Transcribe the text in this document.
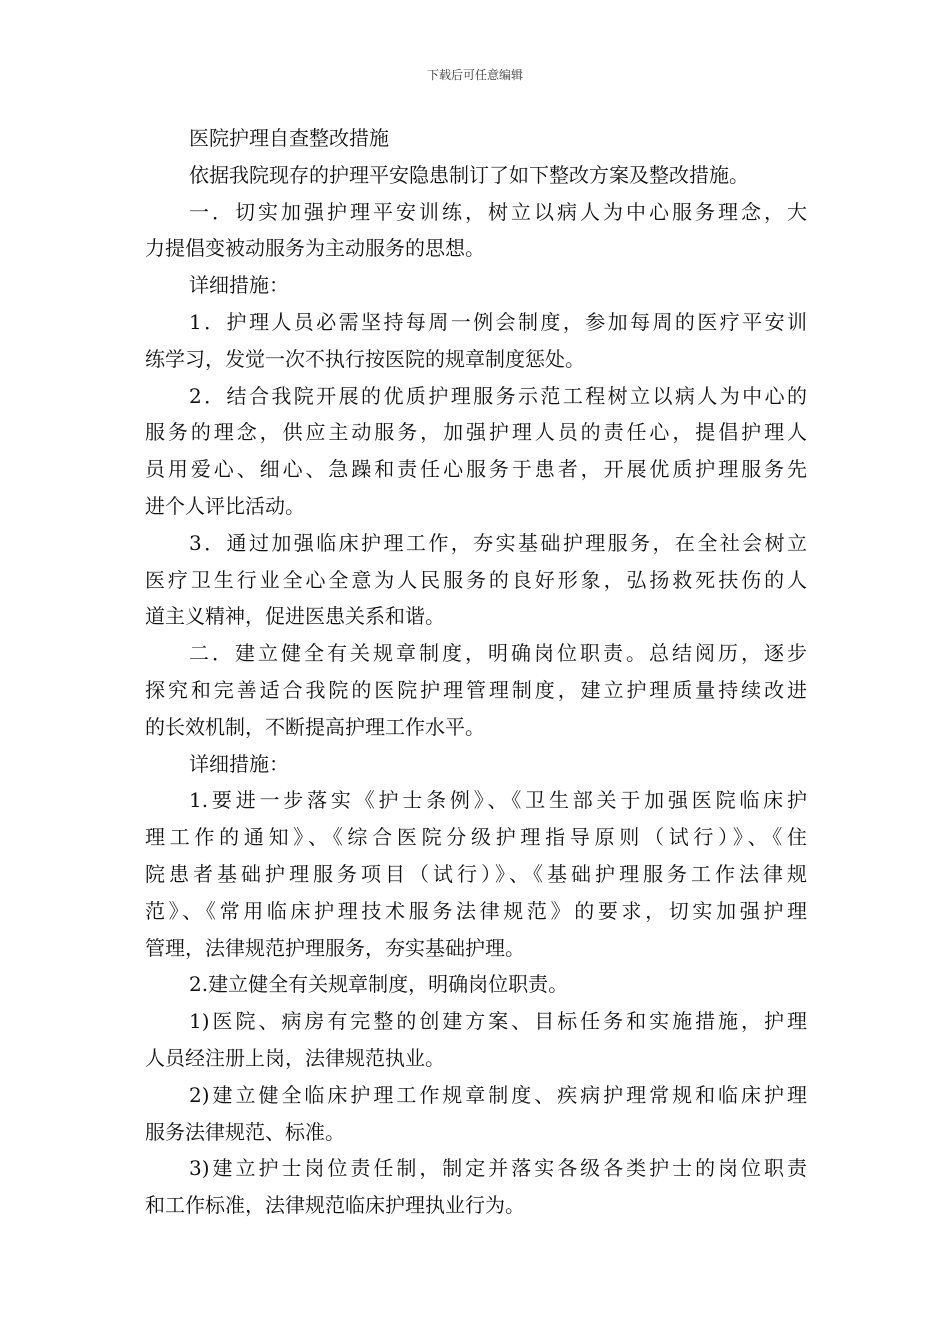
下载后可任意编辑
医院护理自查整改措施
依据我院现存的护理平安隐患制订了如下整改方案及整改措施。
一．切实加强护理平安训练，树立以病人为中心服务理念，大
力提倡变被动服务为主动服务的思想。
详细措施：
1．护理人员必需坚持每周一例会制度，参加每周的医疗平安训
练学习，发觉一次不执行按医院的规章制度惩处。
2．结合我院开展的优质护理服务示范工程树立以病人为中心的
服务的理念，供应主动服务，加强护理人员的责任心，提倡护理人
员用爱心、细心、急躁和责任心服务于患者，开展优质护理服务先
进个人评比活动。
3．通过加强临床护理工作，夯实基础护理服务，在全社会树立
医疗卫生行业全心全意为人民服务的良好形象，弘扬救死扶伤的人
道主义精神，促进医患关系和谐。
二．建立健全有关规章制度，明确岗位职责。总结阅历，逐步
探究和完善适合我院的医院护理管理制度，建立护理质量持续改进
的长效机制，不断提高护理工作水平。
详细措施：
1.要进一步落实《护士条例》、《卫生部关于加强医院临床护
理工作的通知》、《综合医院分级护理指导原则（试行）》、《住
院患者基础护理服务项目（试行）》、《基础护理服务工作法律规
范》、《常用临床护理技术服务法律规范》的要求，切实加强护理
管理，法律规范护理服务，夯实基础护理。
2.建立健全有关规章制度，明确岗位职责。
1)医院、病房有完整的创建方案、目标任务和实施措施，护理
人员经注册上岗，法律规范执业。
2)建立健全临床护理工作规章制度、疾病护理常规和临床护理
服务法律规范、标准。
3)建立护士岗位责任制，制定并落实各级各类护士的岗位职责
和工作标准，法律规范临床护理执业行为。
